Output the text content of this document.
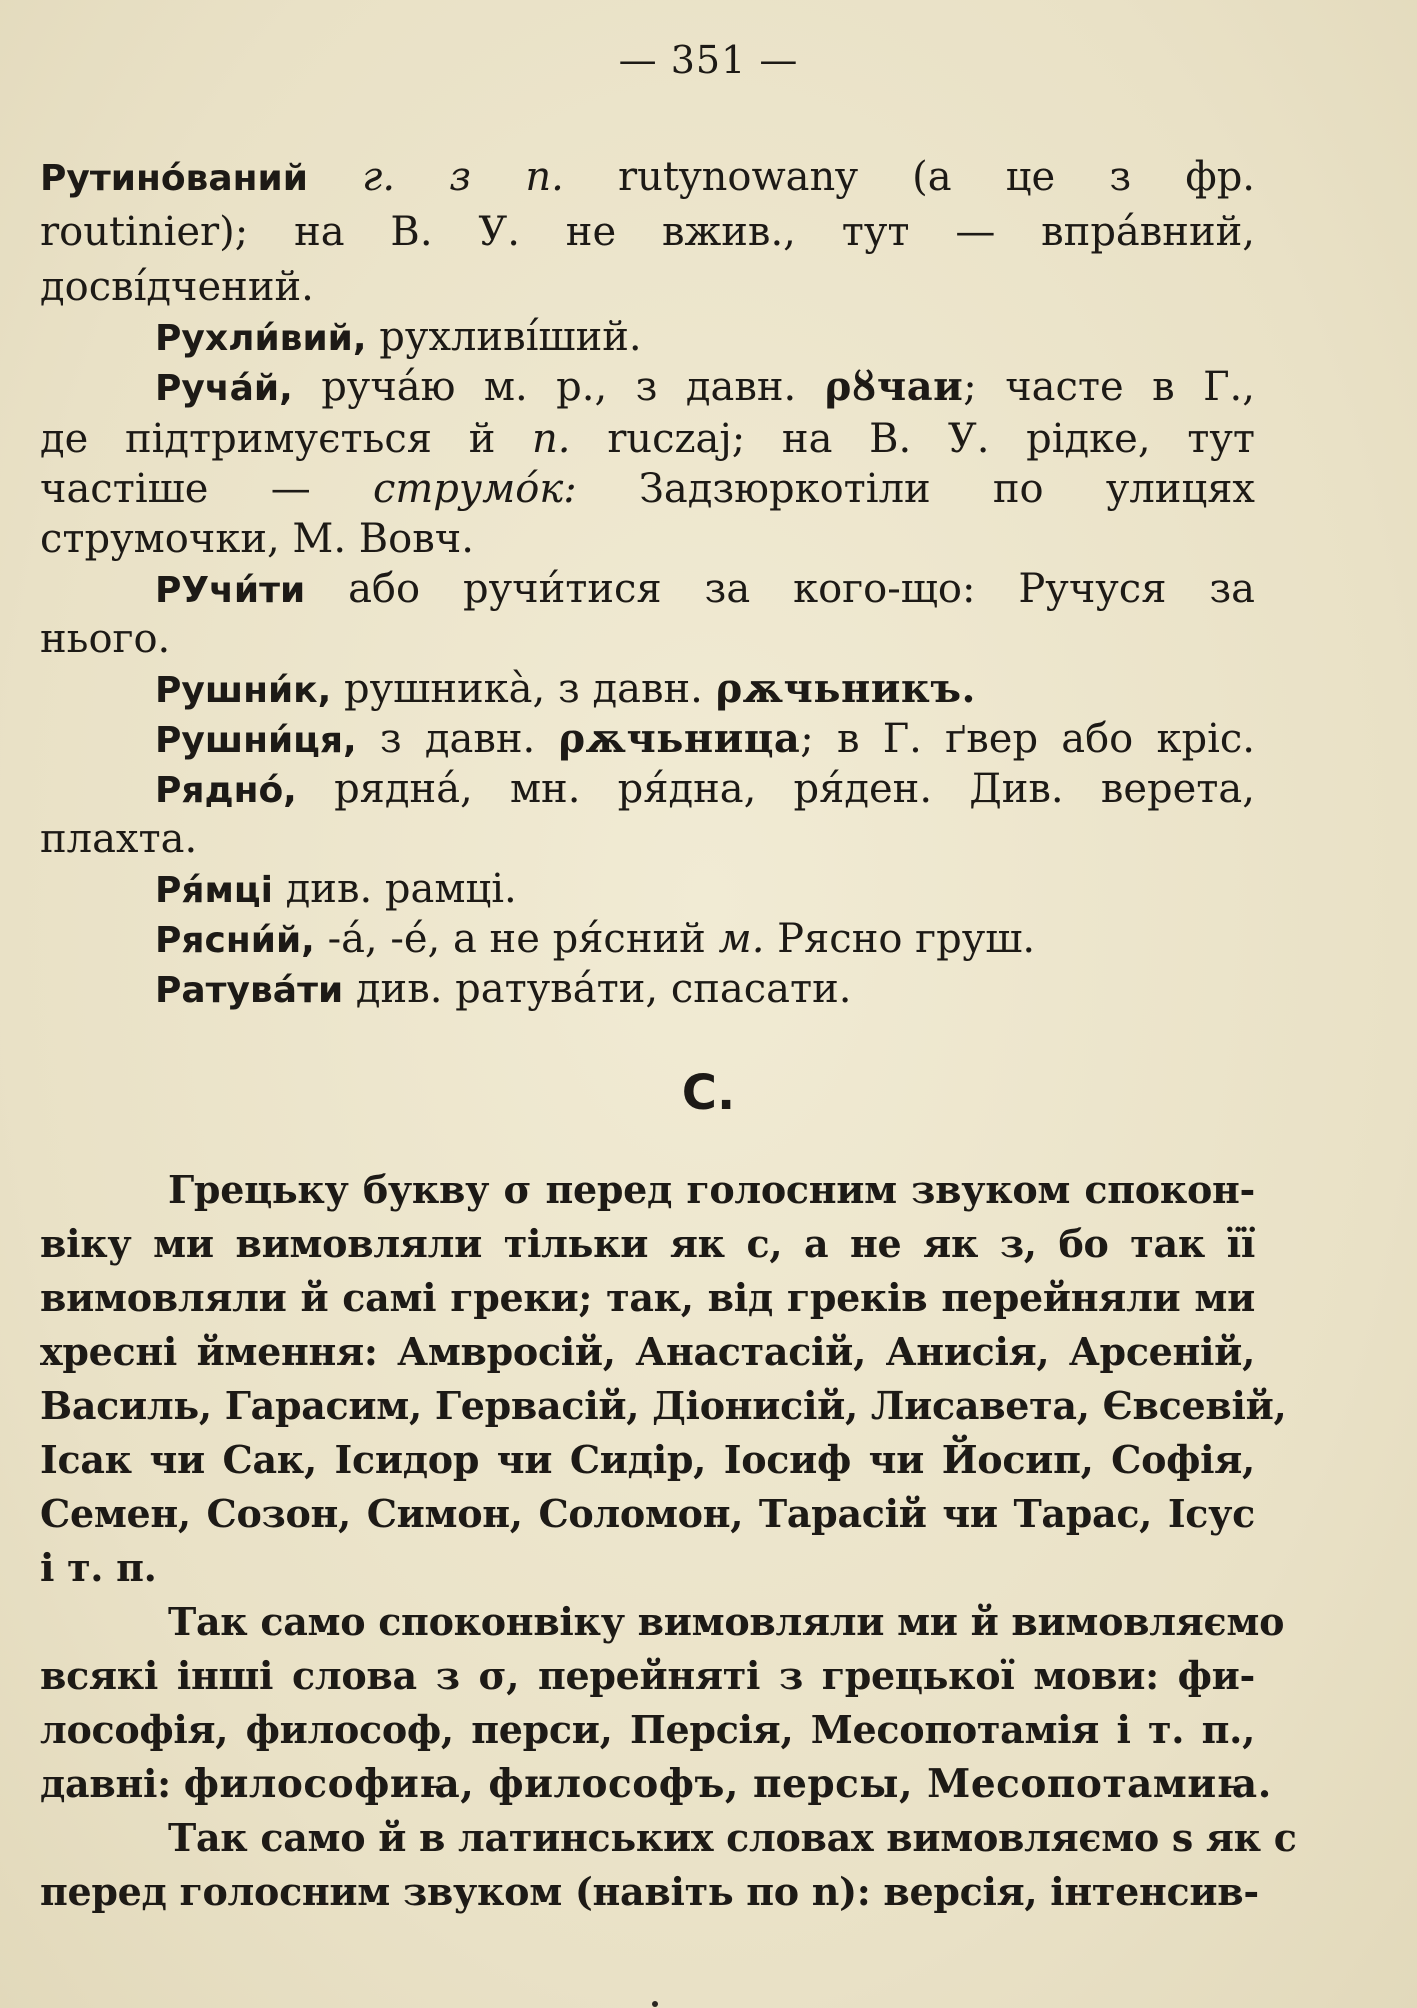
— 351 —
Рутино́ваний г. з п. rutynowany (а це з фр.
routinier); на В. У. не вжив., тут — впра́вний,
досві́дчений.
Рухли́вий, рухливі́ший.
Руча́й, руча́ю м. р., з давн. ρȣчаи; часте в Г.,
де підтримується й п. ruczaj; на В. У. рідке, тут
частіше — струмо́к: Задзюркотіли по улицях
струмочки, М. Вовч.
РУчи́ти або ручи́тися за кого-що: Ручуся за
нього.
Рушни́к, рушника̀, з давн. ρѫчьникъ.
Рушни́ця, з давн. ρѫчьница; в Г. ґвер або кріс.
Рядно́, рядна́, мн. ря́дна, ря́ден. Див. верета,
плахта.
Ря́мці див. рамці.
Рясни́й, -а́, -е́, а не ря́сний м. Рясно груш.
Ратува́ти див. ратува́ти, спасати.
С.
Грецьку букву σ перед голосним звуком спокон-
віку ми вимовляли тільки як с, а не як з, бо так її
вимовляли й самі греки; так, від греків перейняли ми
хресні ймення: Амвросій, Анастасій, Анисія, Арсеній,
Василь, Гарасим, Гервасій, Діонисій, Лисавета, Євсевій,
Ісак чи Сак, Ісидор чи Сидір, Іосиф чи Йосип, Софія,
Семен, Созон, Симон, Соломон, Тарасій чи Тарас, Ісус
і т. п.
Так само споконвіку вимовляли ми й вимовляємо
всякі інші слова з σ, перейняті з грецької мови: фи-
лософія, философ, перси, Персія, Месопотамія і т. п.,
давні: философиꙗ, философъ, персы, Месопотамиꙗ.
Так само й в латинських словах вимовляємо s як с
перед голосним звуком (навіть по n): версія, інтенсив-
